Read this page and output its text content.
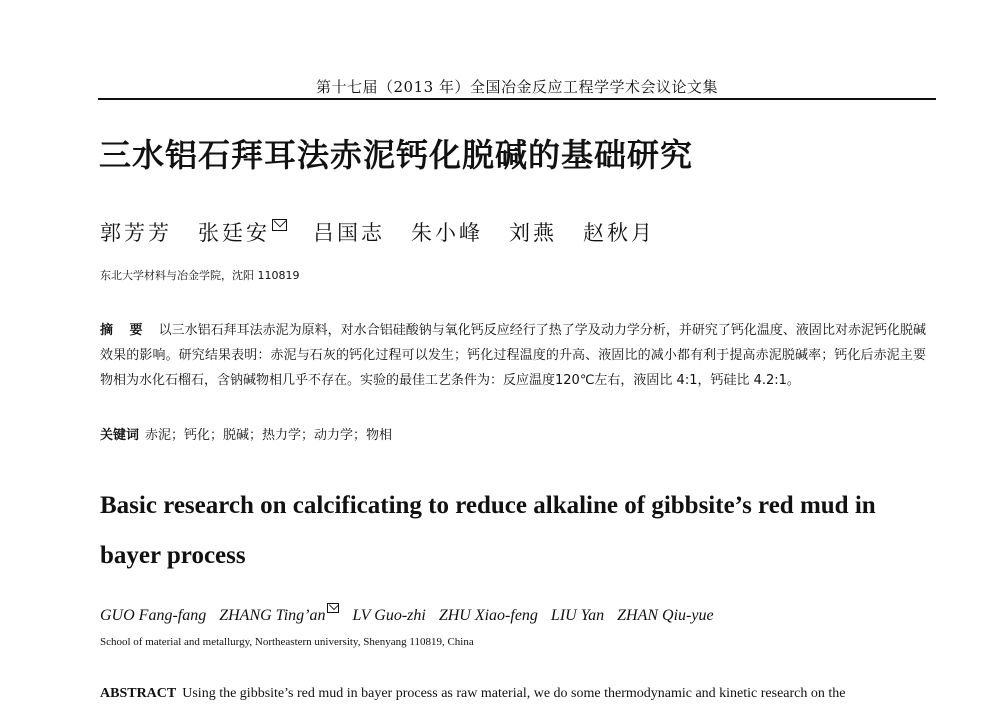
第十七届（2013 年）全国冶金反应工程学学术会议论文集
三水铝石拜耳法赤泥钙化脱碱的基础研究
郭芳芳 张廷安 吕国志 朱小峰 刘燕 赵秋月
东北大学材料与冶金学院，沈阳 110819
摘 要 以三水铝石拜耳法赤泥为原料，对水合铝硅酸钠与氧化钙反应经行了热了学及动力学分析，并研究了钙化温度、液固比对赤泥钙化脱碱效果的影响。研究结果表明：赤泥与石灰的钙化过程可以发生；钙化过程温度的升高、液固比的减小都有利于提高赤泥脱碱率；钙化后赤泥主要物相为水化石榴石，含钠碱物相几乎不存在。实验的最佳工艺条件为：反应温度120℃左右，液固比 4:1，钙硅比 4.2:1。
关键词 赤泥；钙化；脱碱；热力学；动力学；物相
Basic research on calcificating to reduce alkaline of gibbsite’s red mud in bayer process
GUO Fang-fang ZHANG Ting’an LV Guo-zhi ZHU Xiao-feng LIU Yan ZHAN Qiu-yue
School of material and metallurgy, Northeastern university, Shenyang 110819, China
ABSTRACT Using the gibbsite’s red mud in bayer process as raw material, we do some thermodynamic and kinetic research on the
